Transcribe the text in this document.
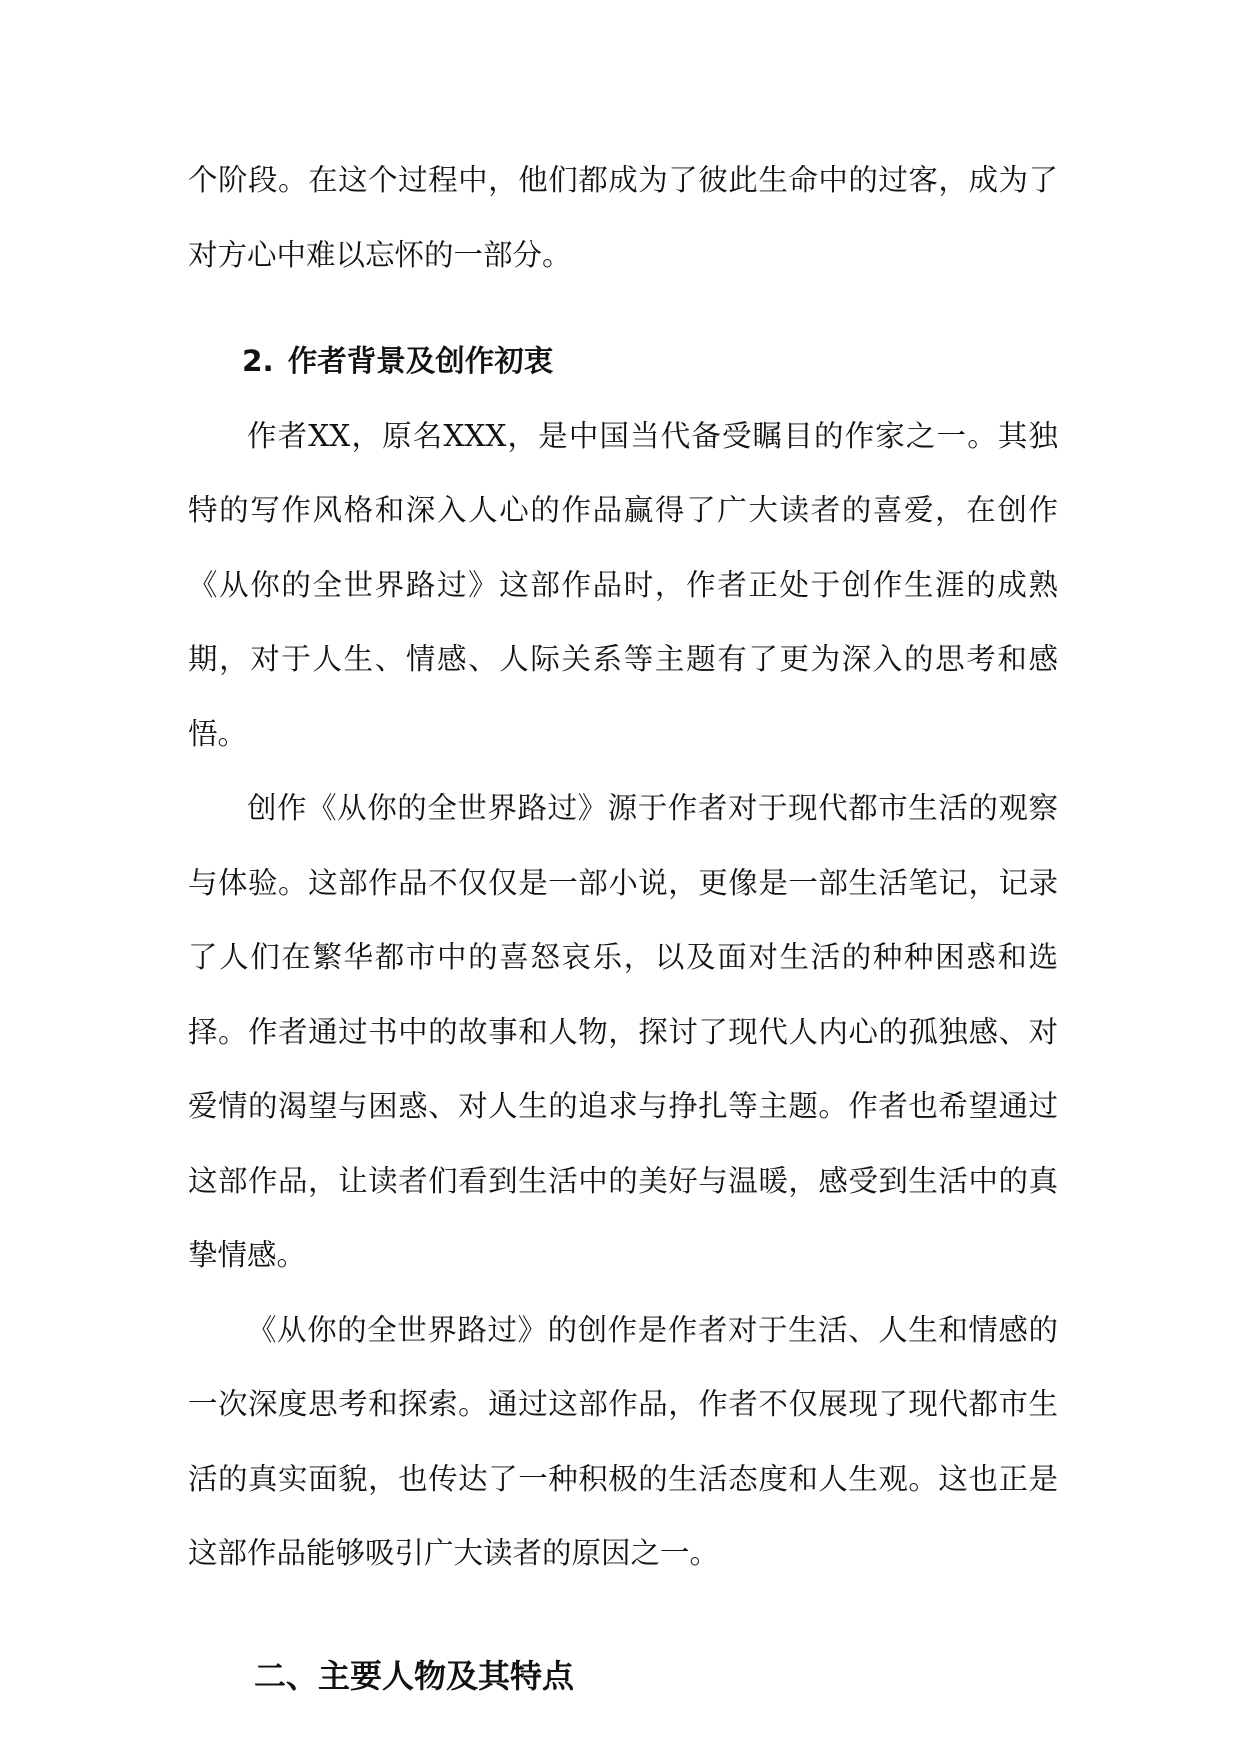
个阶段。在这个过程中，他们都成为了彼此生命中的过客，成为了对方心中难以忘怀的一部分。

2. 作者背景及创作初衷

作者XX，原名XXX，是中国当代备受瞩目的作家之一。其独特的写作风格和深入人心的作品赢得了广大读者的喜爱，在创作《从你的全世界路过》这部作品时，作者正处于创作生涯的成熟期，对于人生、情感、人际关系等主题有了更为深入的思考和感悟。

创作《从你的全世界路过》源于作者对于现代都市生活的观察与体验。这部作品不仅仅是一部小说，更像是一部生活笔记，记录了人们在繁华都市中的喜怒哀乐，以及面对生活的种种困惑和选择。作者通过书中的故事和人物，探讨了现代人内心的孤独感、对爱情的渴望与困惑、对人生的追求与挣扎等主题。作者也希望通过这部作品，让读者们看到生活中的美好与温暖，感受到生活中的真挚情感。

《从你的全世界路过》的创作是作者对于生活、人生和情感的一次深度思考和探索。通过这部作品，作者不仅展现了现代都市生活的真实面貌，也传达了一种积极的生活态度和人生观。这也正是这部作品能够吸引广大读者的原因之一。

二、主要人物及其特点
